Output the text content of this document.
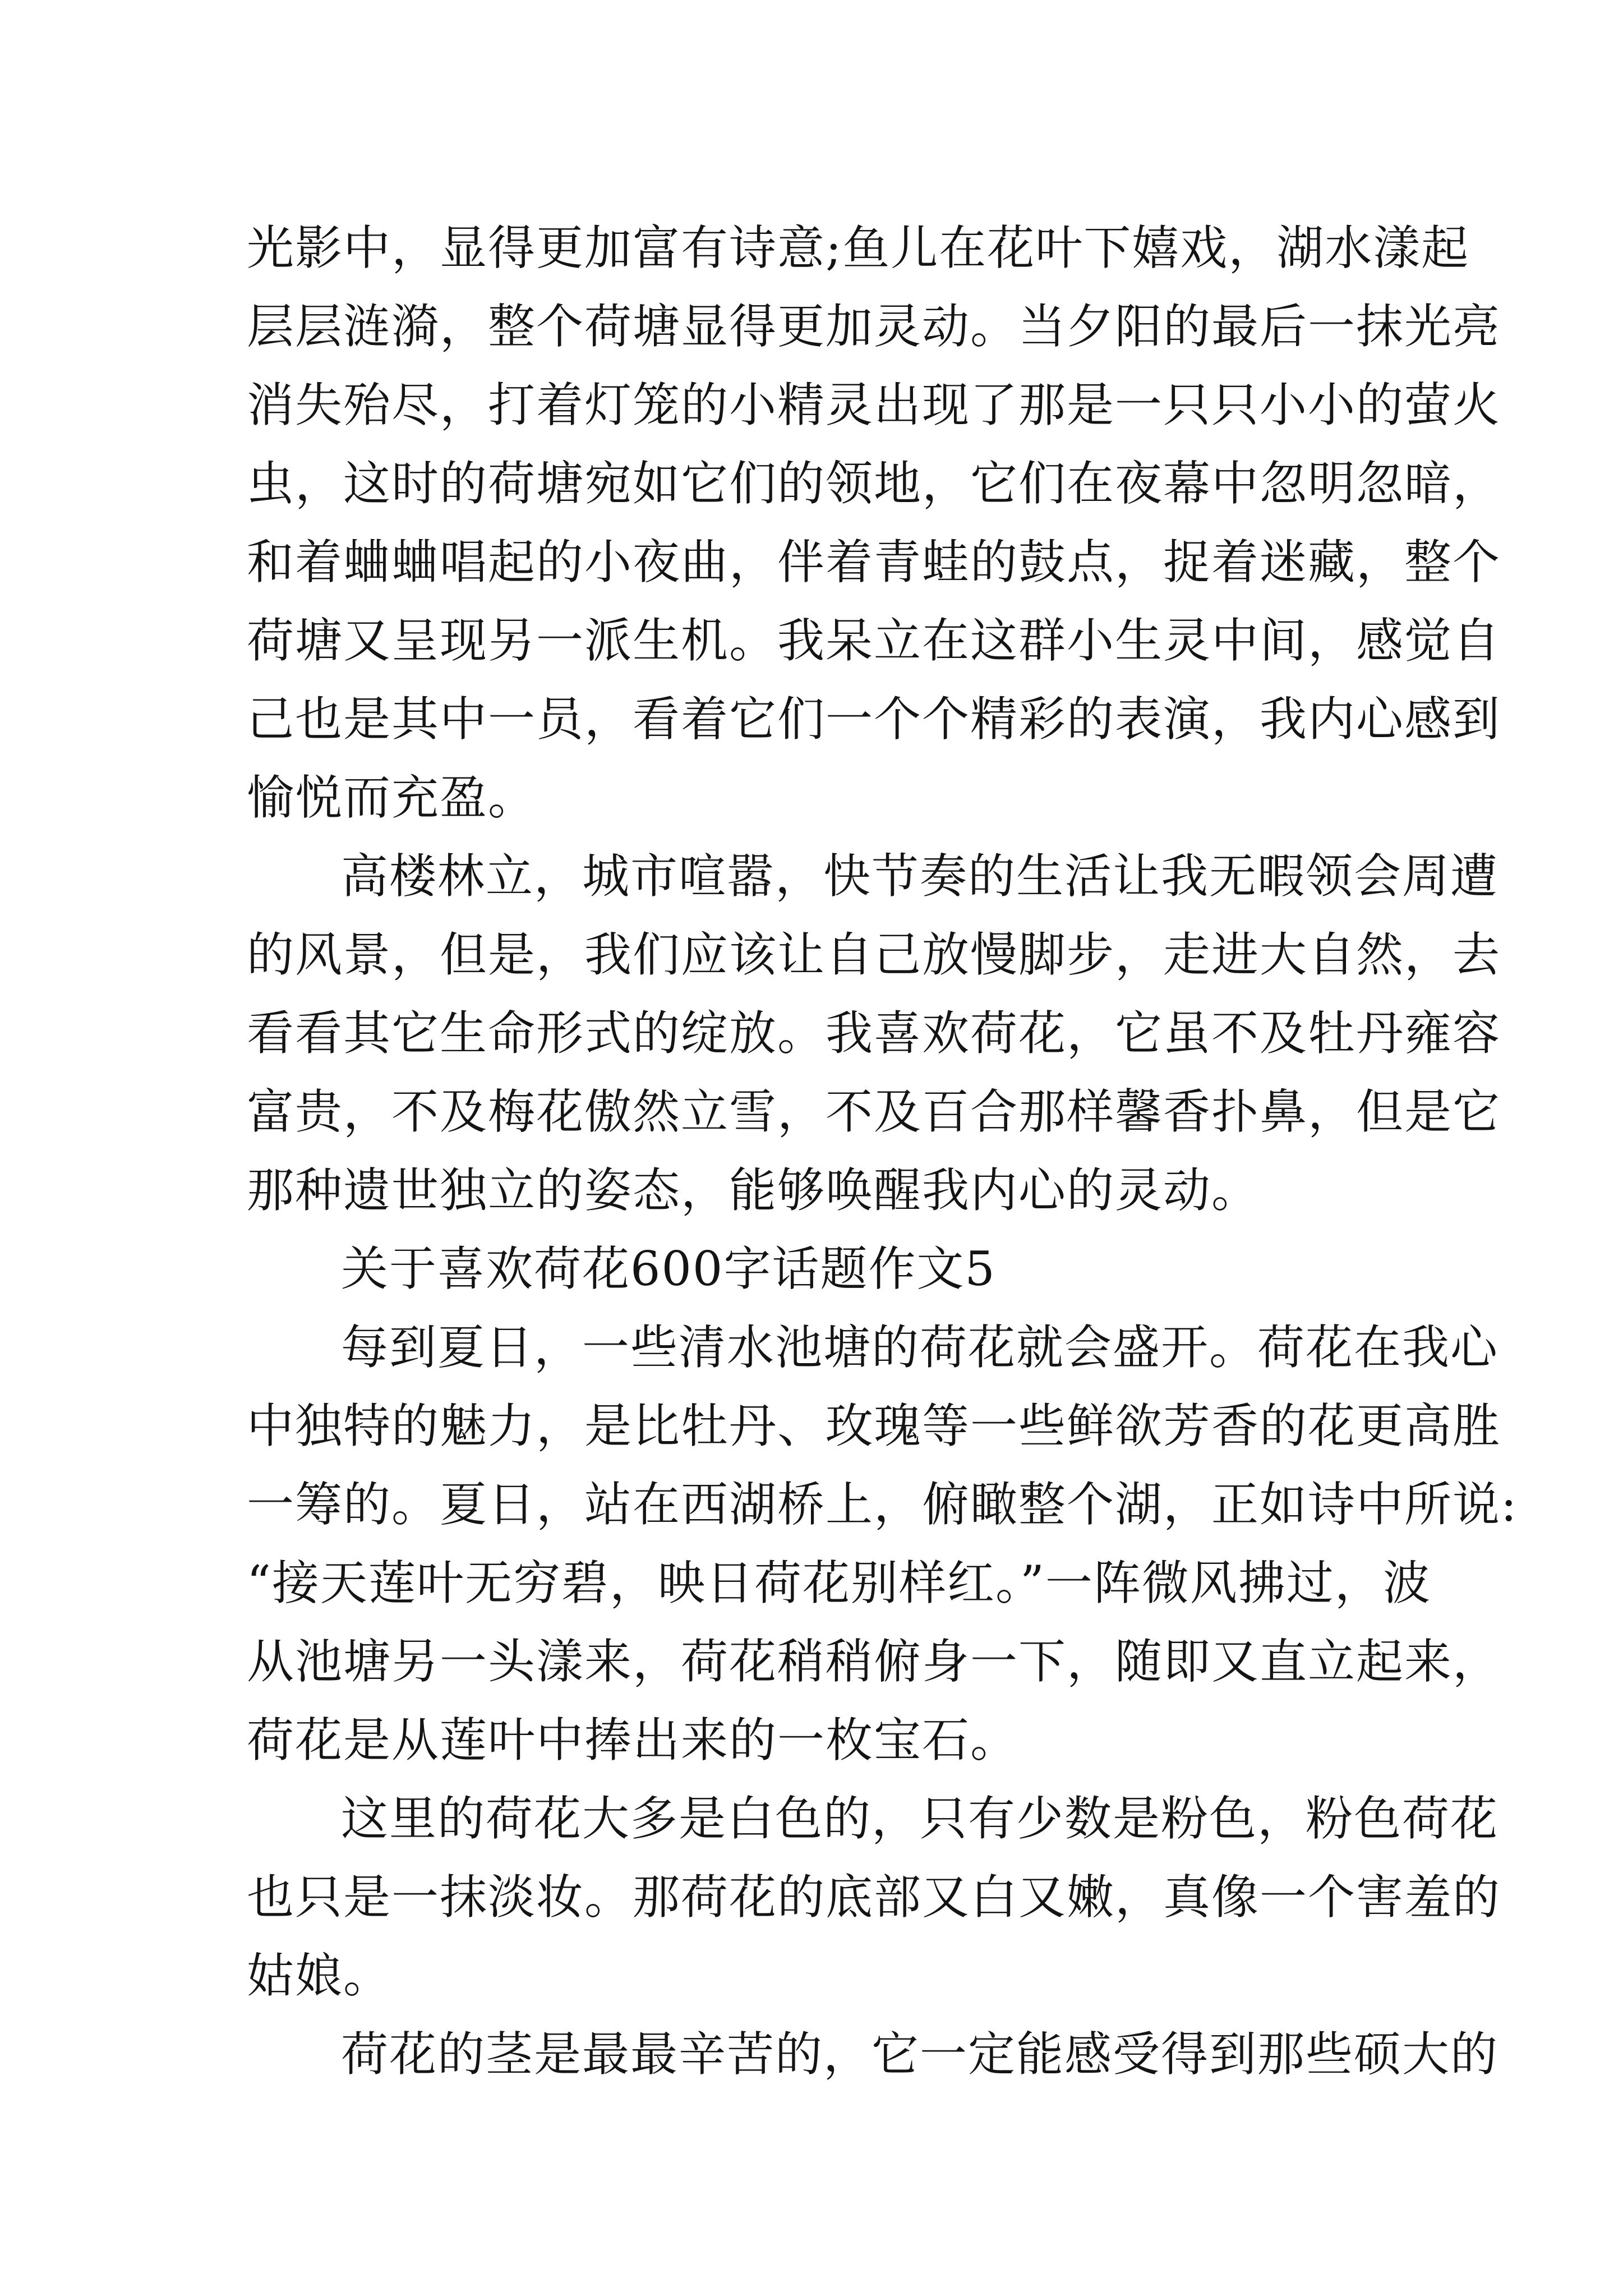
光影中，显得更加富有诗意;鱼儿在花叶下嬉戏，湖水漾起
层层涟漪，整个荷塘显得更加灵动。当夕阳的最后一抹光亮
消失殆尽，打着灯笼的小精灵出现了那是一只只小小的萤火
虫，这时的荷塘宛如它们的领地，它们在夜幕中忽明忽暗，
和着蛐蛐唱起的小夜曲，伴着青蛙的鼓点，捉着迷藏，整个
荷塘又呈现另一派生机。我呆立在这群小生灵中间，感觉自
己也是其中一员，看着它们一个个精彩的表演，我内心感到
愉悦而充盈。
高楼林立，城市喧嚣，快节奏的生活让我无暇领会周遭
的风景，但是，我们应该让自己放慢脚步，走进大自然，去
看看其它生命形式的绽放。我喜欢荷花，它虽不及牡丹雍容
富贵，不及梅花傲然立雪，不及百合那样馨香扑鼻，但是它
那种遗世独立的姿态，能够唤醒我内心的灵动。
关于喜欢荷花600字话题作文5
每到夏日，一些清水池塘的荷花就会盛开。荷花在我心
中独特的魅力，是比牡丹、玫瑰等一些鲜欲芳香的花更高胜
一筹的。夏日，站在西湖桥上，俯瞰整个湖，正如诗中所说:
“接天莲叶无穷碧，映日荷花别样红。”一阵微风拂过，波
从池塘另一头漾来，荷花稍稍俯身一下，随即又直立起来，
荷花是从莲叶中捧出来的一枚宝石。
这里的荷花大多是白色的，只有少数是粉色，粉色荷花
也只是一抹淡妆。那荷花的底部又白又嫩，真像一个害羞的
姑娘。
荷花的茎是最最辛苦的，它一定能感受得到那些硕大的
